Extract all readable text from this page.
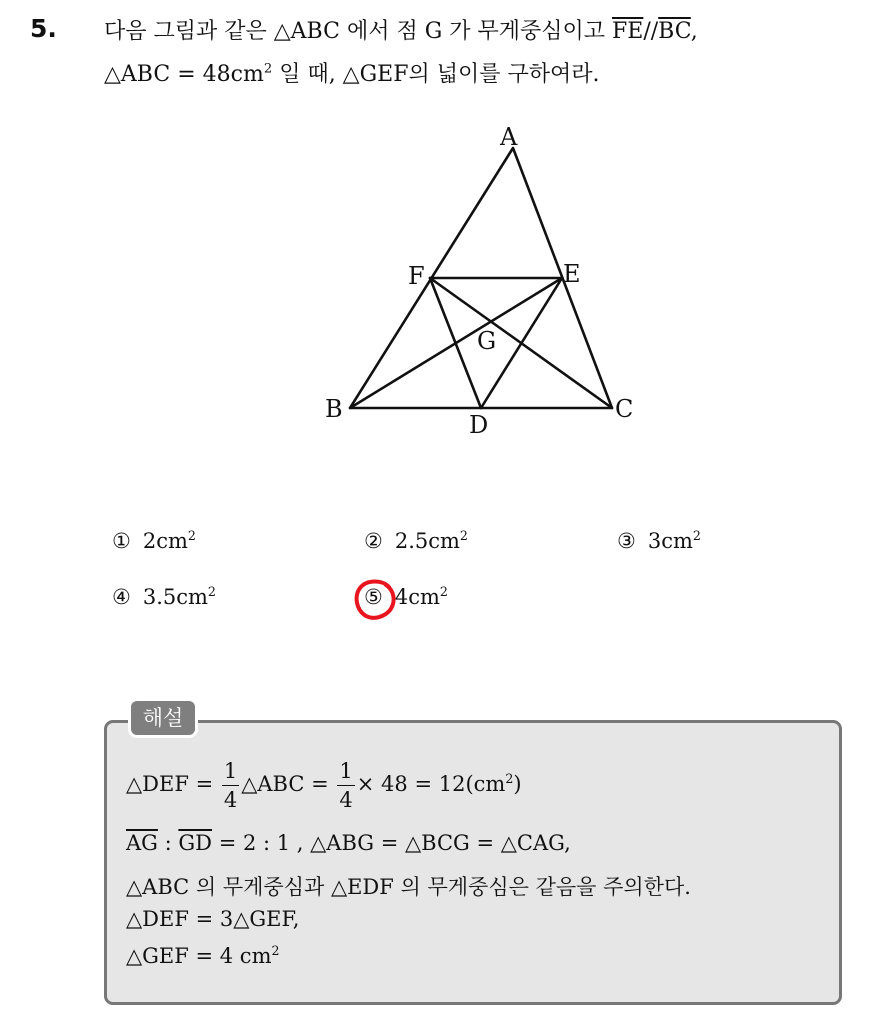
5. 다음 그림과 같은 △ABC 에서 점 G 가 무게중심이고 $\overline{FE}//\overline{BC}$,
△ABC = $48cm^2$ 일 때, △GEF의 넓이를 구하여라.
A
B	C
D
E
F
G
① $2cm^2$	② $2.5cm^2$	③ $3cm^2$
④ $3.5cm^2$	⑤ $4cm^2$
해설
△DEF = $\frac{1}{4}$ △ABC = $\frac{1}{4} \times 48 = 12(cm^2)$
$\overline{AG}$ : $\overline{GD} = 2$ : 1 , △ABG = △BCG = △CAG,
△ABC 의 무게중심과 △EDF 의 무게중심은 같음을 주의한다.
△DEF = 3△GEF,
△GEF = 4 $cm^2$
